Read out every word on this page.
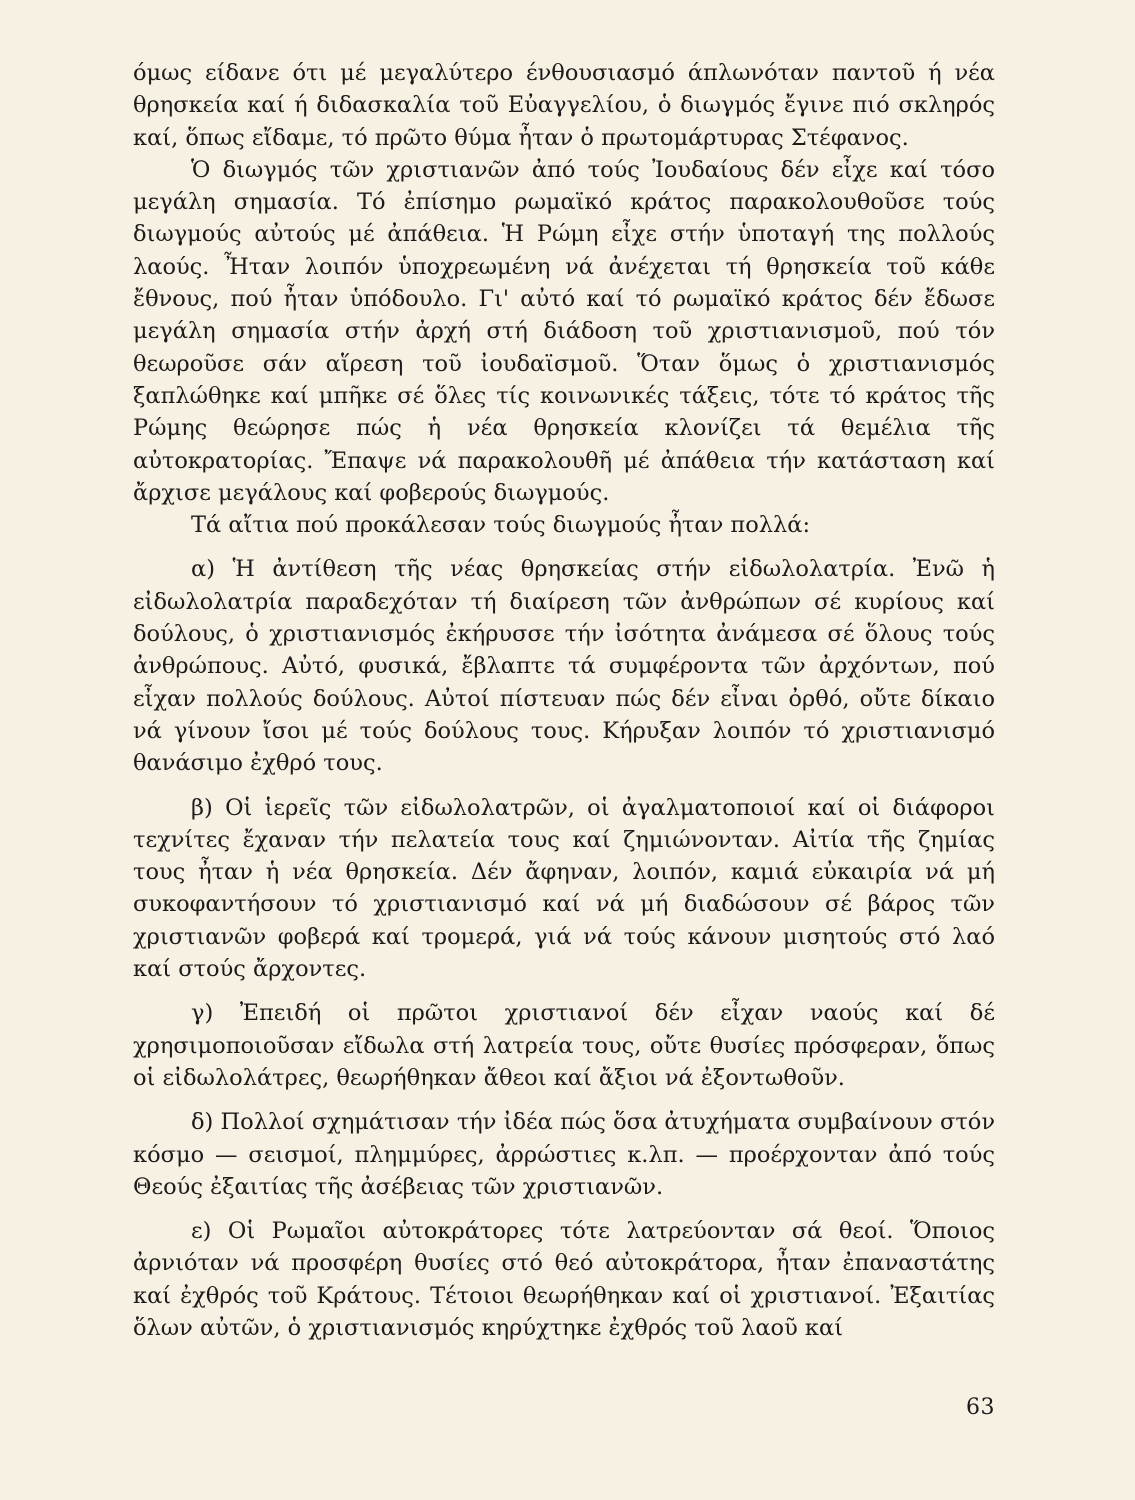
όμως είδανε ότι μέ μεγαλύτερο ένθουσιασμό άπλωνόταν παντοῦ ή νέα θρησκεία καί ή διδασκαλία τοῦ Εὐαγγελίου, ὁ διωγμός ἔγινε πιό σκληρός καί, ὅπως εἴδαμε, τό πρῶτο θύμα ἦταν ὁ πρωτομάρτυρας Στέφανος.

Ὁ διωγμός τῶν χριστιανῶν ἀπό τούς Ἰουδαίους δέν εἶχε καί τόσο μεγάλη σημασία. Τό ἐπίσημο ρωμαϊκό κράτος παρακολουθοῦσε τούς διωγμούς αὐτούς μέ ἀπάθεια. Ἡ Ρώμη εἶχε στήν ὑποταγή της πολλούς λαούς. Ἦταν λοιπόν ὑποχρεωμένη νά ἀνέχεται τή θρησκεία τοῦ κάθε ἔθνους, πού ἦταν ὑπόδουλο. Γι' αὐτό καί τό ρωμαϊκό κράτος δέν ἔδωσε μεγάλη σημασία στήν ἀρχή στή διάδοση τοῦ χριστιανισμοῦ, πού τόν θεωροῦσε σάν αἵρεση τοῦ ἰουδαϊσμοῦ. Ὅταν ὅμως ὁ χριστιανισμός ξαπλώθηκε καί μπῆκε σέ ὅλες τίς κοινωνικές τάξεις, τότε τό κράτος τῆς Ρώμης θεώρησε πώς ἡ νέα θρησκεία κλονίζει τά θεμέλια τῆς αὐτοκρατορίας. Ἔπαψε νά παρακολουθῆ μέ ἀπάθεια τήν κατάσταση καί ἄρχισε μεγάλους καί φοβερούς διωγμούς.

Τά αἴτια πού προκάλεσαν τούς διωγμούς ἦταν πολλά:

α) Ἡ ἀντίθεση τῆς νέας θρησκείας στήν εἰδωλολατρία. Ἐνῶ ἡ εἰδωλολατρία παραδεχόταν τή διαίρεση τῶν ἀνθρώπων σέ κυρίους καί δούλους, ὁ χριστιανισμός ἐκήρυσσε τήν ἰσότητα ἀνάμεσα σέ ὅλους τούς ἀνθρώπους. Αὐτό, φυσικά, ἔβλαπτε τά συμφέροντα τῶν ἀρχόντων, πού εἶχαν πολλούς δούλους. Αὐτοί πίστευαν πώς δέν εἶναι ὀρθό, οὔτε δίκαιο νά γίνουν ἴσοι μέ τούς δούλους τους. Κήρυξαν λοιπόν τό χριστιανισμό θανάσιμο ἐχθρό τους.

β) Οἱ ἱερεῖς τῶν εἰδωλολατρῶν, οἱ ἀγαλματοποιοί καί οἱ διάφοροι τεχνίτες ἔχαναν τήν πελατεία τους καί ζημιώνονταν. Αἰτία τῆς ζημίας τους ἦταν ἡ νέα θρησκεία. Δέν ἄφηναν, λοιπόν, καμιά εὐκαιρία νά μή συκοφαντήσουν τό χριστιανισμό καί νά μή διαδώσουν σέ βάρος τῶν χριστιανῶν φοβερά καί τρομερά, γιά νά τούς κάνουν μισητούς στό λαό καί στούς ἄρχοντες.

γ) Ἐπειδή οἱ πρῶτοι χριστιανοί δέν εἶχαν ναούς καί δέ χρησιμοποιοῦσαν εἴδωλα στή λατρεία τους, οὔτε θυσίες πρόσφεραν, ὅπως οἱ εἰδωλολάτρες, θεωρήθηκαν ἄθεοι καί ἄξιοι νά ἐξοντωθοῦν.

δ) Πολλοί σχημάτισαν τήν ἰδέα πώς ὅσα ἀτυχήματα συμβαίνουν στόν κόσμο — σεισμοί, πλημμύρες, ἀρρώστιες κ.λπ. — προέρχονταν ἀπό τούς Θεούς ἐξαιτίας τῆς ἀσέβειας τῶν χριστιανῶν.

ε) Οἱ Ρωμαῖοι αὐτοκράτορες τότε λατρεύονταν σά θεοί. Ὅποιος ἀρνιόταν νά προσφέρη θυσίες στό θεό αὐτοκράτορα, ἦταν ἐπαναστάτης καί ἐχθρός τοῦ Κράτους. Τέτοιοι θεωρήθηκαν καί οἱ χριστιανοί. Ἐξαιτίας ὅλων αὐτῶν, ὁ χριστιανισμός κηρύχτηκε ἐχθρός τοῦ λαοῦ καί

63
